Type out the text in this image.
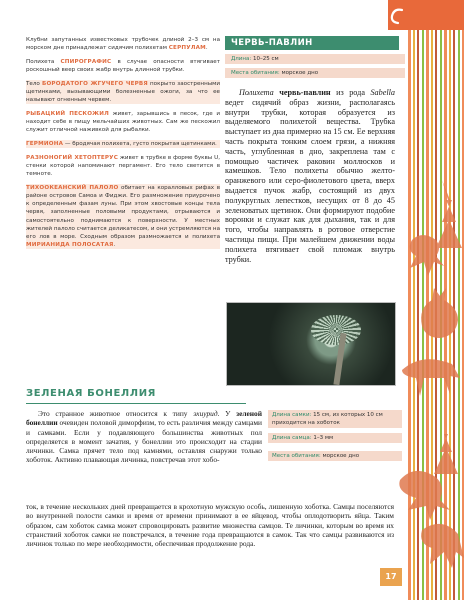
Клубни запутанных известковых трубочек длиной 2–3 см на морском дне принадлежат сидячим полихетам СЕРПУЛАМ.

Полихета СПИРОГРАФИС в случае опасности втягивает роскошный веер своих жабр внутрь длинной трубки.

Тело БОРОДАТОГО ЖГУЧЕГО ЧЕРВЯ покрыто заостренными щетинками, вызывающими болезненные ожоги, за что ее называют огненным червем.

РЫБАЦКИЙ ПЕСКОЖИЛ живет, зарывшись в песок, где и находит себе в пищу мельчайших животных. Сам же пескожил служит отличной наживкой для рыбалки.

ГЕРМИОНА — бродячая полихета, густо покрытая щетинками.

РАЗНОНОГИЙ ХЕТОПТЕРУС живет в трубке в форме буквы U, стенки которой напоминают пергамент. Его тело светится в темноте.

ТИХООКЕАНСКИЙ ПАЛОЛО обитает на коралловых рифах в районе островов Самоа и Фиджи. Его размножение приурочено к определенным фазам луны. При этом хвостовые концы тела червя, заполненные половыми продуктами, отрываются и самостоятельно поднимаются к поверхности. У местных жителей палоло считается деликатесом, и они устремляются на его лов в море. Сходным образом размножается и полихета МИРИАНИДА ПОЛОСАТАЯ.

ЧЕРВЬ-ПАВЛИН
Длина: 10–25 см
Места обитания: морское дно
Полихета червь-павлин из рода Sabella ведет сидячий образ жизни, располагаясь внутри трубки, которая образуется из выделяемого полихетой вещества. Трубка выступает из дна примерно на 15 см. Ее верхняя часть покрыта тонким слоем грязи, а нижняя часть, углубленная в дно, закреплена там с помощью частичек раковин моллюсков и камешков. Тело полихеты обычно желто-оранжевого или серо-фиолетового цвета, вверх выдается пучок жабр, состоящий из двух полукруглых лепестков, несущих от 8 до 45 зеленоватых щетинок. Они формируют подобие воронки и служат как для дыхания, так и для того, чтобы направлять в ротовое отверстие частицы пищи. При малейшем движении воды полихета втягивает свой плюмаж внутрь трубки.
ЗЕЛЕНАЯ БОНЕЛЛИЯ
Это странное животное относится к типу эхиурид. У зеленой бонеллии очевиден половой диморфизм, то есть различия между самцами и самками. Если у подавляющего большинства животных пол определяется в момент зачатия, у бонеллии это происходит на стадии личинки. Самка прячет тело под камнями, оставляя снаружи только хоботок. Активно плавающая личинка, повстречав этот хобо-
ток, в течение нескольких дней превращается в крохотную мужскую особь, лишенную хоботка. Самцы поселяются во внутренней полости самки и время от времени принимают в ее яйцевод, чтобы оплодотворить яйца. Таким образом, сам хоботок самка может спровоцировать развитие множества самцов. Те личинки, которым во время их странствий хоботок самки не повстречался, в течение года превращаются в самок. Так что самцы развиваются из личинок только по мере необходимости, обеспечивая продолжение рода.
Длина самки: 15 см, из которых 10 см приходится на хоботок
Длина самца: 1–3 мм
Места обитания: морское дно
17
